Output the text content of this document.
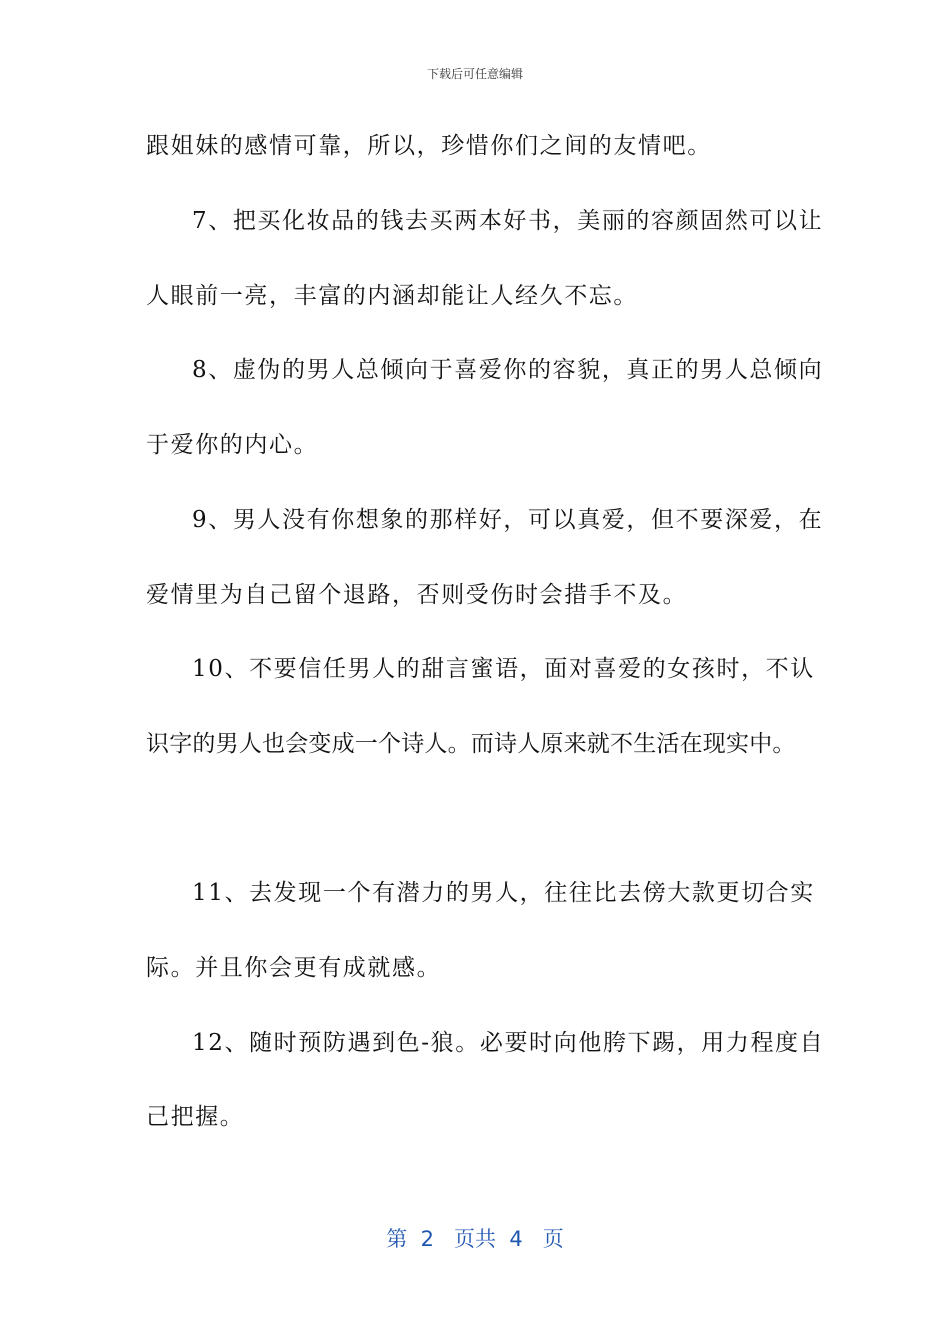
下载后可任意编辑
跟姐妹的感情可靠，所以，珍惜你们之间的友情吧。
7、把买化妆品的钱去买两本好书，美丽的容颜固然可以让
人眼前一亮，丰富的内涵却能让人经久不忘。
8、虚伪的男人总倾向于喜爱你的容貌，真正的男人总倾向
于爱你的内心。
9、男人没有你想象的那样好，可以真爱，但不要深爱，在
爱情里为自己留个退路，否则受伤时会措手不及。
10、不要信任男人的甜言蜜语，面对喜爱的女孩时，不认
识字的男人也会变成一个诗人。而诗人原来就不生活在现实中。
11、去发现一个有潜力的男人，往往比去傍大款更切合实
际。并且你会更有成就感。
12、随时预防遇到色-狼。必要时向他胯下踢，用力程度自
己把握。
第  2   页共  4   页
